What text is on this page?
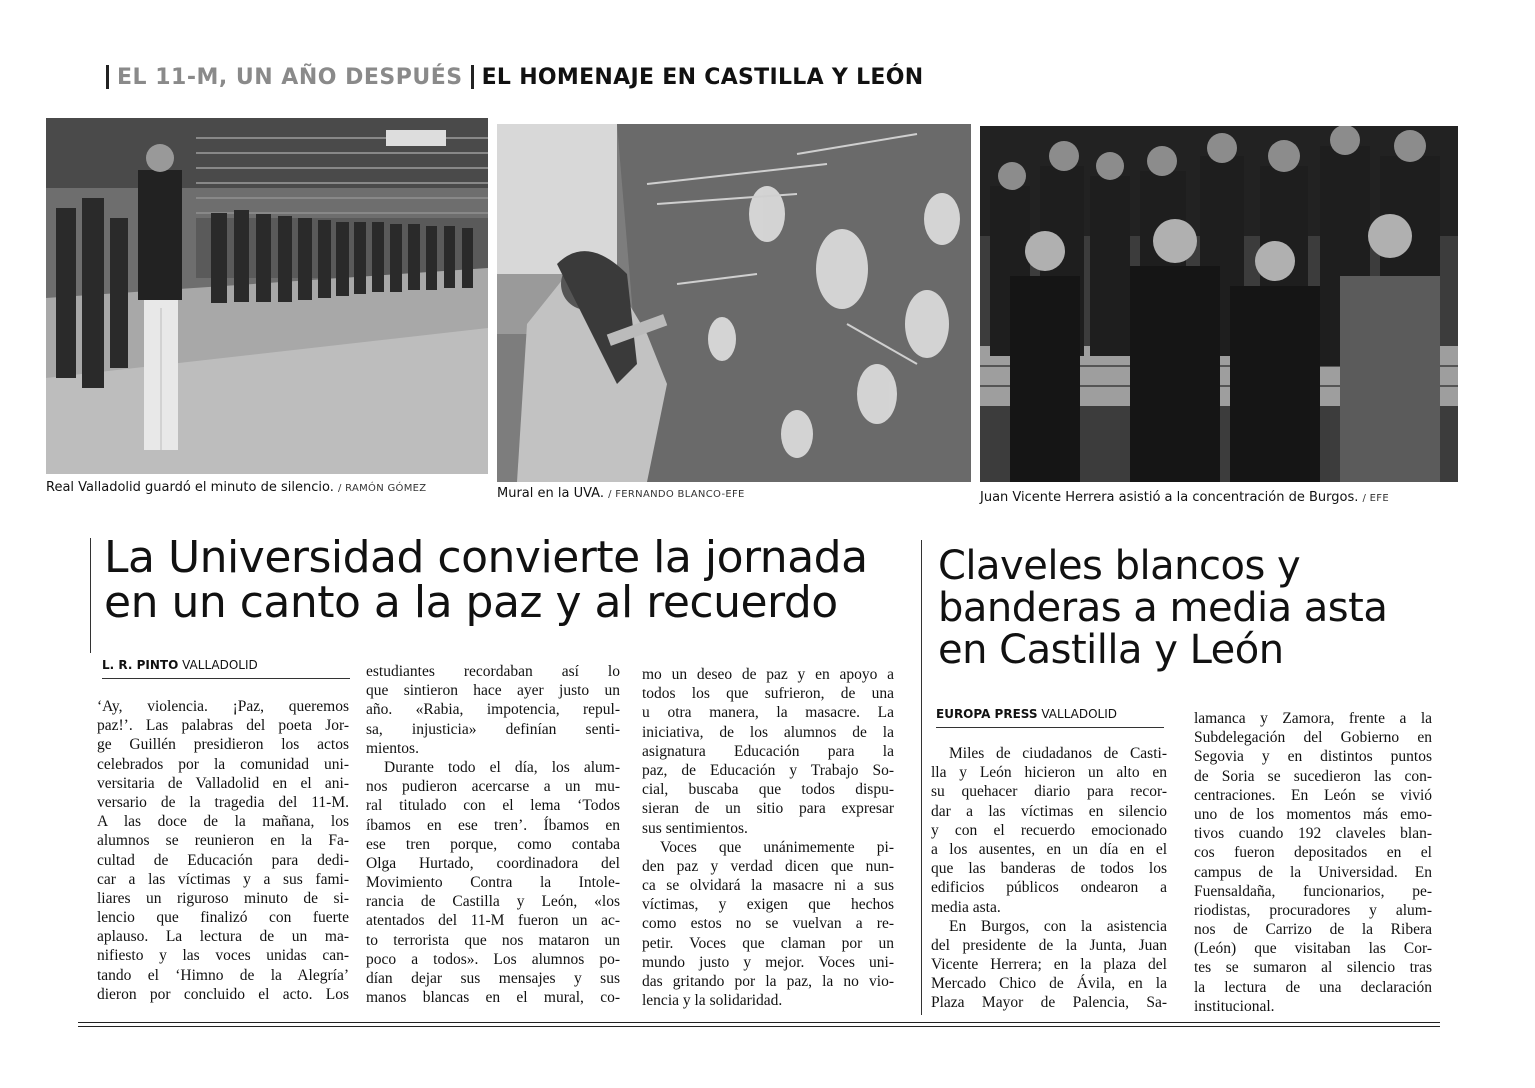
EL 11-M, UN AÑO DESPUÉS EL HOMENAJE EN CASTILLA Y LEÓN
Real Valladolid guardó el minuto de silencio. / RAMÓN GÓMEZ	Mural en la UVA. / FERNANDO BLANCO-EFE	Juan Vicente Herrera asistió a la concentración de Burgos. / EFE
La Universidad convierte la jornada
en un canto a la paz y al recuerdo
L. R. PINTO VALLADOLID
‘Ay, violencia. ¡Paz, queremos
paz!’. Las palabras del poeta Jor-
ge Guillén presidieron los actos
celebrados por la comunidad uni-
versitaria de Valladolid en el ani-
versario de la tragedia del 11-M.
A las doce de la mañana, los
alumnos se reunieron en la Fa-
cultad de Educación para dedi-
car a las víctimas y a sus fami-
liares un riguroso minuto de si-
lencio que finalizó con fuerte
aplauso. La lectura de un ma-
nifiesto y las voces unidas can-
tando el ‘Himno de la Alegría’
dieron por concluido el acto. Los
estudiantes recordaban así lo
que sintieron hace ayer justo un
año. «Rabia, impotencia, repul-
sa, injusticia» definían senti-
mientos.
Durante todo el día, los alum-
nos pudieron acercarse a un mu-
ral titulado con el lema ‘Todos
íbamos en ese tren’. Íbamos en
ese tren porque, como contaba
Olga Hurtado, coordinadora del
Movimiento Contra la Intole-
rancia de Castilla y León, «los
atentados del 11-M fueron un ac-
to terrorista que nos mataron un
poco a todos». Los alumnos po-
dían dejar sus mensajes y sus
manos blancas en el mural, co-
mo un deseo de paz y en apoyo a
todos los que sufrieron, de una
u otra manera, la masacre. La
iniciativa, de los alumnos de la
asignatura Educación para la
paz, de Educación y Trabajo So-
cial, buscaba que todos dispu-
sieran de un sitio para expresar
sus sentimientos.
Voces que unánimemente pi-
den paz y verdad dicen que nun-
ca se olvidará la masacre ni a sus
víctimas, y exigen que hechos
como estos no se vuelvan a re-
petir. Voces que claman por un
mundo justo y mejor. Voces uni-
das gritando por la paz, la no vio-
lencia y la solidaridad.
Claveles blancos y
banderas a media asta
en Castilla y León
EUROPA PRESS VALLADOLID
Miles de ciudadanos de Casti-
lla y León hicieron un alto en
su quehacer diario para recor-
dar a las víctimas en silencio
y con el recuerdo emocionado
a los ausentes, en un día en el
que las banderas de todos los
edificios públicos ondearon a
media asta.
En Burgos, con la asistencia
del presidente de la Junta, Juan
Vicente Herrera; en la plaza del
Mercado Chico de Ávila, en la
Plaza Mayor de Palencia, Sa-
lamanca y Zamora, frente a la
Subdelegación del Gobierno en
Segovia y en distintos puntos
de Soria se sucedieron las con-
centraciones. En León se vivió
uno de los momentos más emo-
tivos cuando 192 claveles blan-
cos fueron depositados en el
campus de la Universidad. En
Fuensaldaña, funcionarios, pe-
riodistas, procuradores y alum-
nos de Carrizo de la Ribera
(León) que visitaban las Cor-
tes se sumaron al silencio tras
la lectura de una declaración
institucional.
